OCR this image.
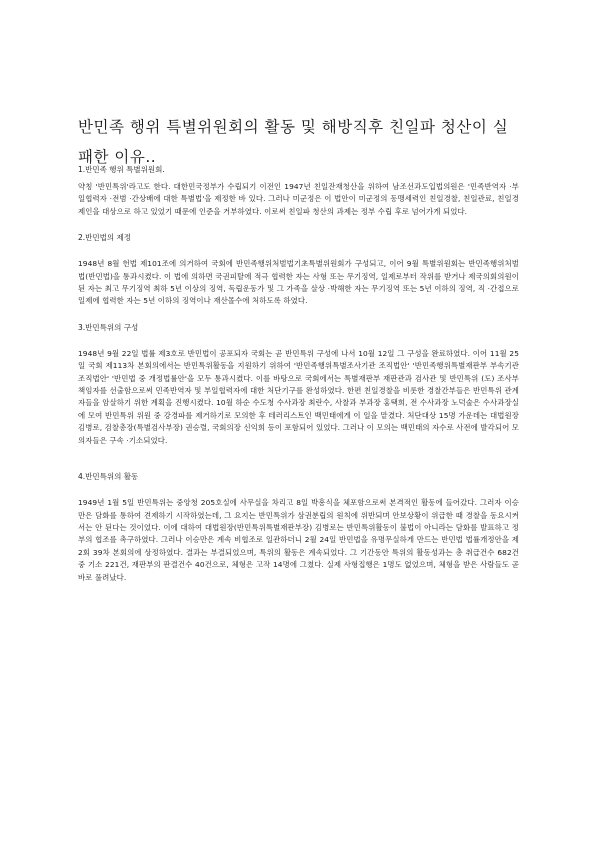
반민족 행위 특별위원회의 활동 및 해방직후 친일파 청산이 실패한 이유..

1.반민족 행위 특별위원회.

약칭 '반민특위'라고도 한다. 대한민국정부가 수립되기 이전인 1947년 친일잔재청산을 위하여 남조선과도입법의원은 '민족반역자 ·부일협력자 ·전범 ·간상배에 대한 특별법'을 제정한 바 있다. 그러나 미군정은 이 법안이 미군정의 동맹세력인 친일경찰, 친일관료, 친일경제인을 대상으로 하고 있었기 때문에 인준을 거부하였다. 이로써 친일파 청산의 과제는 정부 수립 후로 넘어가게 되었다.

2.반민법의 제정

1948년 8월 헌법 제101조에 의거하여 국회에 반민족행위처벌법기초특별위원회가 구성되고, 이어 9월 특별위원회는 반민족행위처벌법(반민법)을 통과시켰다. 이 법에 의하면 국권피탈에 적극 협력한 자는 사형 또는 무기징역, 일제로부터 작위를 받거나 제국의회의원이 된 자는 최고 무기징역 최하 5년 이상의 징역, 독립운동가 및 그 가족을 살상 ·박해한 자는 무기징역 또는 5년 이하의 징역, 직 ·간접으로 일제에 협력한 자는 5년 이하의 징역이나 재산몰수에 처하도록 하였다.

3.반민특위의 구성

1948년 9월 22일 법률 제3호로 반민법이 공포되자 국회는 곧 반민특위 구성에 나서 10월 12일 그 구성을 완료하였다. 이어 11월 25일 국회 제113차 본회의에서는 반민특위활동을 지원하기 위하여 '반민족행위특별조사기관 조직법안' '반민족행위특별재판부 부속기관 조직법안' '반민법 중 개정법률안'을 모두 통과시켰다. 이를 바탕으로 국회에서는 특별재판부 재판관과 검사관 및 반민특위 (도) 조사부 책임자를 선출함으로써 민족반역자 및 부일협력자에 대한 처단기구를 완성하였다. 한편 친일경찰을 비롯한 경찰간부들은 반민특위 관계자들을 암살하기 위한 계획을 진행시켰다. 10월 하순 수도청 수사과장 최란수, 사찰과 부과장 홍택희, 전 수사과장 노덕술은 수사과장실에 모여 반민특위 위원 중 강경파를 제거하기로 모의한 후 테러리스트인 백민태에게 이 일을 맡겼다. 처단대상 15명 가운데는 대법원장 김병로, 검찰총장(특별검사부장) 권승렬, 국회의장 신익희 등이 포함되어 있었다. 그러나 이 모의는 백민태의 자수로 사전에 발각되어 모의자들은 구속 ·기소되었다.

4.반민특위의 활동

1949년 1월 5일 반민특위는 중앙청 205호실에 사무실을 차리고 8일 박흥식을 체포함으로써 본격적인 활동에 들어갔다. 그러자 이승만은 담화를 통하여 견제하기 시작하였는데, 그 요지는 반민특위가 삼권분립의 원칙에 위반되며 안보상황이 위급한 때 경찰을 동요시켜서는 안 된다는 것이었다. 이에 대하여 대법원장(반민특위특별재판부장) 김병로는 반민특위활동이 불법이 아니라는 담화를 발표하고 정부의 협조를 촉구하였다. 그러나 이승만은 계속 비협조로 일관하더니 2월 24일 반민법을 유명무실하게 만드는 반민법 법률개정안을 제2회 39차 본회의에 상정하였다. 결과는 부결되었으며, 특위의 활동은 계속되었다. 그 기간동안 특위의 활동성과는 총 취급건수 682건 중 기소 221건, 재판부의 판결건수 40건으로, 체형은 고작 14명에 그쳤다. 실제 사형집행은 1명도 없었으며, 체형을 받은 사람들도 곧바로 풀려났다.
